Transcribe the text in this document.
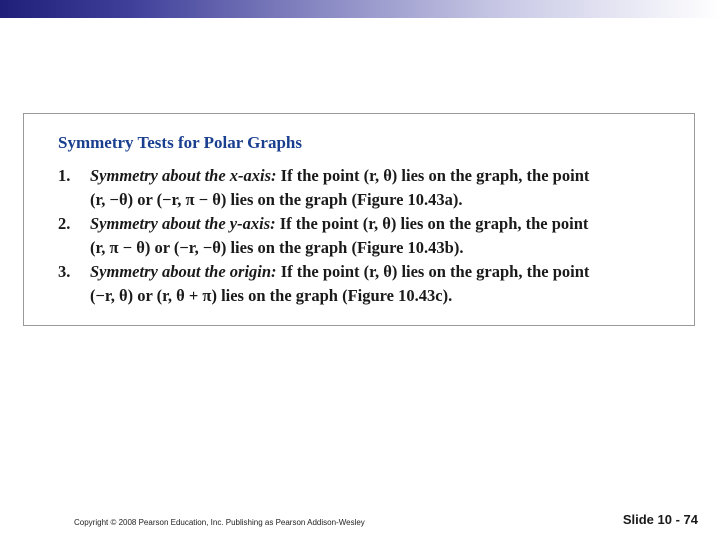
Symmetry Tests for Polar Graphs
1. Symmetry about the x-axis: If the point (r, θ) lies on the graph, the point
(r, −θ) or (−r, π − θ) lies on the graph (Figure 10.43a).
2. Symmetry about the y-axis: If the point (r, θ) lies on the graph, the point
(r, π − θ) or (−r, −θ) lies on the graph (Figure 10.43b).
3. Symmetry about the origin: If the point (r, θ) lies on the graph, the point
(−r, θ) or (r, θ + π) lies on the graph (Figure 10.43c).
Copyright © 2008 Pearson Education, Inc. Publishing as Pearson Addison-Wesley	Slide 10 - 74
